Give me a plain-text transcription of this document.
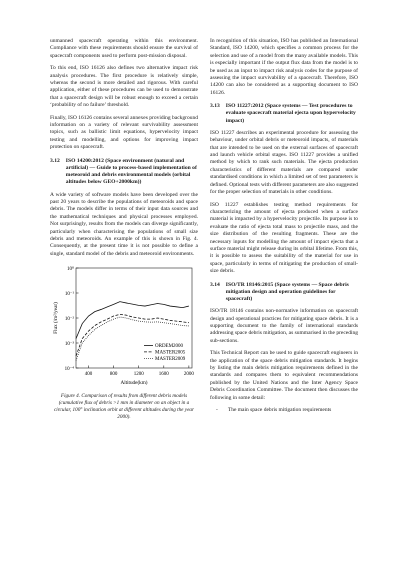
unmanned spacecraft operating within this environment. Compliance with these requirements should ensure the survival of spacecraft components used to perform post-mission disposal.

To this end, ISO 16126 also defines two alternative impact risk analysis procedures. The first procedure is relatively simple, whereas the second is more detailed and rigorous. With careful application, either of these procedures can be used to demonstrate that a spacecraft design will be robust enough to exceed a certain ‘probability of no failure’ threshold.

Finally, ISO 16126 contains several annexes providing background information on a variety of relevant survivability assessment topics, such as ballistic limit equations, hypervelocity impact testing and modelling, and options for improving impact protection on spacecraft.

3.12 ISO 14200:2012 (Space environment (natural and artificial) — Guide to process-based implementation of meteoroid and debris environmental models (orbital altitudes below GEO+2000km))

A wide variety of software models have been developed over the past 20 years to describe the populations of meteoroids and space debris. The models differ in terms of their input data sources and the mathematical techniques and physical processes employed. Not surprisingly, results from the models can diverge significantly, particularly when characterising the populations of small size debris and meteoroids. An example of this is shown in Fig. 4. Consequently, at the present time it is not possible to define a single, standard model of the debris and meteoroid environments.

Flux (/m²/year)
Altitude(km)
10⁻⁴
10⁻³
10⁻²
10⁻¹
10⁰
400	800	1200	1600	2000
ORDEM2000
MASTER2005
MASTER2009

Figure 4. Comparison of results from different debris models (cumulative flux of debris >1 mm in diameter on an object in a circular, 100° inclination orbit at different altitudes during the year 2000).

In recognition of this situation, ISO has published an International Standard, ISO 14200, which specifies a common process for the selection and use of a model from the many available models. This is especially important if the output flux data from the model is to be used as an input to impact risk analysis codes for the purpose of assessing the impact survivability of a spacecraft. Therefore, ISO 14200 can also be considered as a supporting document to ISO 16126.

3.13 ISO 11227:2012 (Space systems — Test procedures to evaluate spacecraft material ejecta upon hypervelocity impact)

ISO 11227 describes an experimental procedure for assessing the behaviour, under orbital debris or meteoroid impacts, of materials that are intended to be used on the external surfaces of spacecraft and launch vehicle orbital stages. ISO 11227 provides a unified method by which to rank such materials. The ejecta production characteristics of different materials are compared under standardised conditions in which a limited set of test parameters is defined. Optional tests with different parameters are also suggested for the proper selection of materials in other conditions.

ISO 11227 establishes testing method requirements for characterizing the amount of ejecta produced when a surface material is impacted by a hypervelocity projectile. Its purpose is to evaluate the ratio of ejecta total mass to projectile mass, and the size distribution of the resulting fragments. These are the necessary inputs for modelling the amount of impact ejecta that a surface material might release during its orbital lifetime. From this, it is possible to assess the suitability of the material for use in space, particularly in terms of mitigating the production of small-size debris.

3.14 ISO/TR 18146:2015 (Space systems — Space debris mitigation design and operation guidelines for spacecraft)

ISO/TR 18146 contains non-normative information on spacecraft design and operational practices for mitigating space debris. It is a supporting document to the family of international standards addressing space debris mitigation, as summarised in the preceding sub-sections.

This Technical Report can be used to guide spacecraft engineers in the application of the space debris mitigation standards. It begins by listing the main debris mitigation requirements defined in the standards and compares them to equivalent recommendations published by the United Nations and the Inter Agency Space Debris Coordination Committee. The document then discusses the following in some detail:

- The main space debris mitigation requirements
